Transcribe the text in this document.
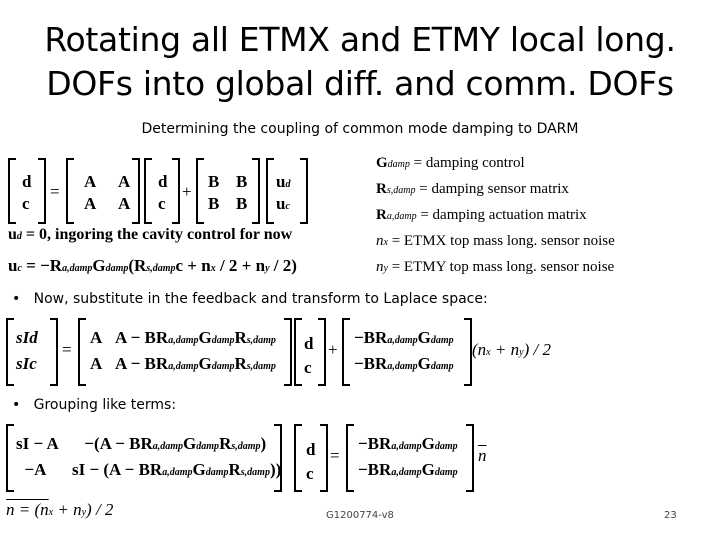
Rotating all ETMX and ETMY local long.
DOFs into global diff. and comm. DOFs
Determining the coupling of common mode damping to DARM
d
c
=
A A
A A
d
c
+
B B
B B
ud
uc
ud = 0, ingoring the cavity control for now
uc = −Ra,dampGdamp(Rs,dampc + nx / 2 + ny / 2)
Gdamp = damping control
Rs,damp = damping sensor matrix
Ra,damp = damping actuation matrix
nx = ETMX top mass long. sensor noise
ny = ETMY top mass long. sensor noise
•   Now, substitute in the feedback and transform to Laplace space:
sId
sIc
=
A A − BRa,dampGdampRs,damp
A A − BRa,dampGdampRs,damp
d
c
+
−BRa,dampGdamp
−BRa,dampGdamp
(nx + ny) / 2
•   Grouping like terms:
sI − A −(A − BRa,dampGdampRs,damp)
−A sI − (A − BRa,dampGdampRs,damp))
d
c
=
−BRa,dampGdamp
−BRa,dampGdamp
$\overline{n}$
n = (nx + ny) / 2	G1200774-v8	23
